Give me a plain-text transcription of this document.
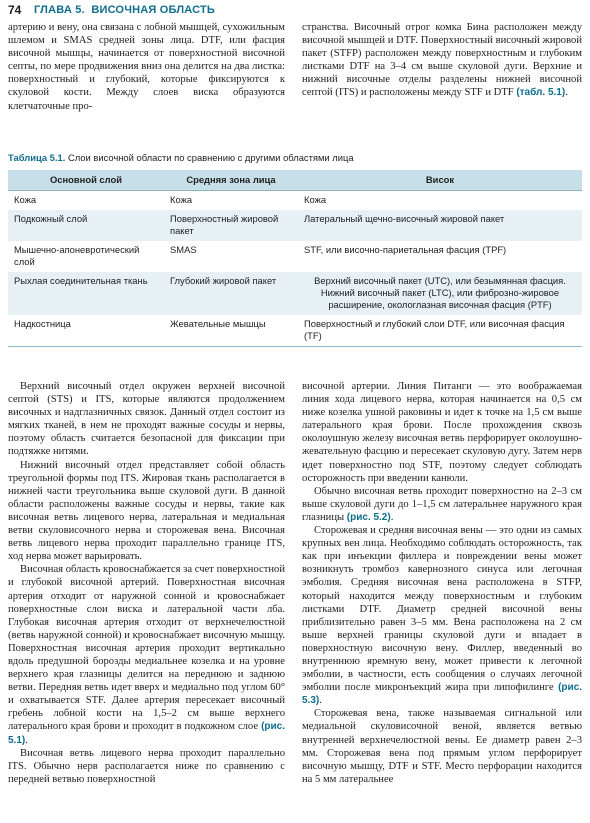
74	ГЛАВА 5. ВИСОЧНАЯ ОБЛАСТЬ

артерию и вену, она связана с лобной мышцей, сухожильным шлемом и SMAS средней зоны лица. DTF, или фасция височной мышцы, начинается от поверхностной височной септы, по мере продвижения вниз она делится на два листка: поверхностный и глубокий, которые фиксируются к скуловой кости. Между слоев виска образуются клетчаточные про-

странства. Височный отрог комка Бина расположен между височной мышцей и DTF. Поверхностный височный жировой пакет (STFP) расположен между поверхностным и глубоким листками DTF на 3–4 см выше скуловой дуги. Верхние и нижний височные отделы разделены нижней височной септой (ITS) и расположены между STF и DTF (табл. 5.1).

Таблица 5.1. Слои височной области по сравнению с другими областями лица
Основной слой	Средняя зона лица	Висок
Кожа	Кожа	Кожа
Подкожный слой	Поверхностный жировой пакет	Латеральный щечно-височный жировой пакет
Мышечно-апоневротический слой	SMAS	STF, или височно-париетальная фасция (TPF)
Рыхлая соединительная ткань	Глубокий жировой пакет	Верхний височный пакет (UTC), или безымянная фасция. Нижний височный пакет (LTC), или фиброзно-жировое расширение, окологлазная височная фасция (PTF)
Надкостница	Жевательные мышцы	Поверхностный и глубокий слои DTF, или височная фасция (TF)

Верхний височный отдел окружен верхней височной септой (STS) и ITS, которые являются продолжением височных и надглазничных связок. Данный отдел состоит из мягких тканей, в нем не проходят важные сосуды и нервы, поэтому область считается безопасной для фиксации при подтяжке нитями.

Нижний височный отдел представляет собой область треугольной формы под ITS. Жировая ткань располагается в нижней части треугольника выше скуловой дуги. В данной области расположены важные сосуды и нервы, такие как височная ветвь лицевого нерва, латеральная и медиальная ветви скуловисочного нерва и сторожевая вена. Височная ветвь лицевого нерва проходит параллельно границе ITS, ход нерва может варьировать.

Височная область кровоснабжается за счет поверхностной и глубокой височной артерий. Поверхностная височная артерия отходит от наружной сонной и кровоснабжает поверхностные слои виска и латеральной части лба. Глубокая височная артерия отходит от верхнечелюстной (ветвь наружной сонной) и кровоснабжает височную мышцу. Поверхностная височная артерия проходит вертикально вдоль предушной борозды медиальнее козелка и на уровне верхнего края глазницы делится на переднюю и заднюю ветви. Передняя ветвь идет вверх и медиально под углом 60° и охватывается STF. Далее артерия пересекает височный гребень лобной кости на 1,5–2 см выше верхнего латерального края брови и проходит в подкожном слое (рис. 5.1).

Височная ветвь лицевого нерва проходит параллельно ITS. Обычно нерв располагается ниже по сравнению с передней ветвью поверхностной

височной артерии. Линия Питанги — это воображаемая линия хода лицевого нерва, которая начинается на 0,5 см ниже козелка ушной раковины и идет к точке на 1,5 см выше латерального края брови. После прохождения сквозь околоушную железу височная ветвь перфорирует околоушно-жевательную фасцию и пересекает скуловую дугу. Затем нерв идет поверхностно под STF, поэтому следует соблюдать осторожность при введении канюли.

Обычно височная ветвь проходит поверхностно на 2–3 см выше скуловой дуги до 1–1,5 см латеральнее наружного края глазницы (рис. 5.2).

Сторожевая и средняя височная вены — это одни из самых крупных вен лица. Необходимо соблюдать осторожность, так как при инъекции филлера и повреждении вены может возникнуть тромбоз кавернозного синуса или легочная эмболия. Средняя височная вена расположена в STFP, который находится между поверхностным и глубоким листками DTF. Диаметр средней височной вены приблизительно равен 3–5 мм. Вена расположена на 2 см выше верхней границы скуловой дуги и впадает в поверхностную височную вену. Филлер, введенный во внутреннюю яремную вену, может привести к легочной эмболии, в частности, есть сообщения о случаях легочной эмболии после микронъекций жира при липофилинге (рис. 5.3).

Сторожевая вена, также называемая сигнальной или медиальной скуловисочной веной, является ветвью внутренней верхнечелюстной вены. Ее диаметр равен 2–3 мм. Сторожевая вена под прямым углом перфорирует височную мышцу, DTF и STF. Место перфорации находится на 5 мм латеральнее
